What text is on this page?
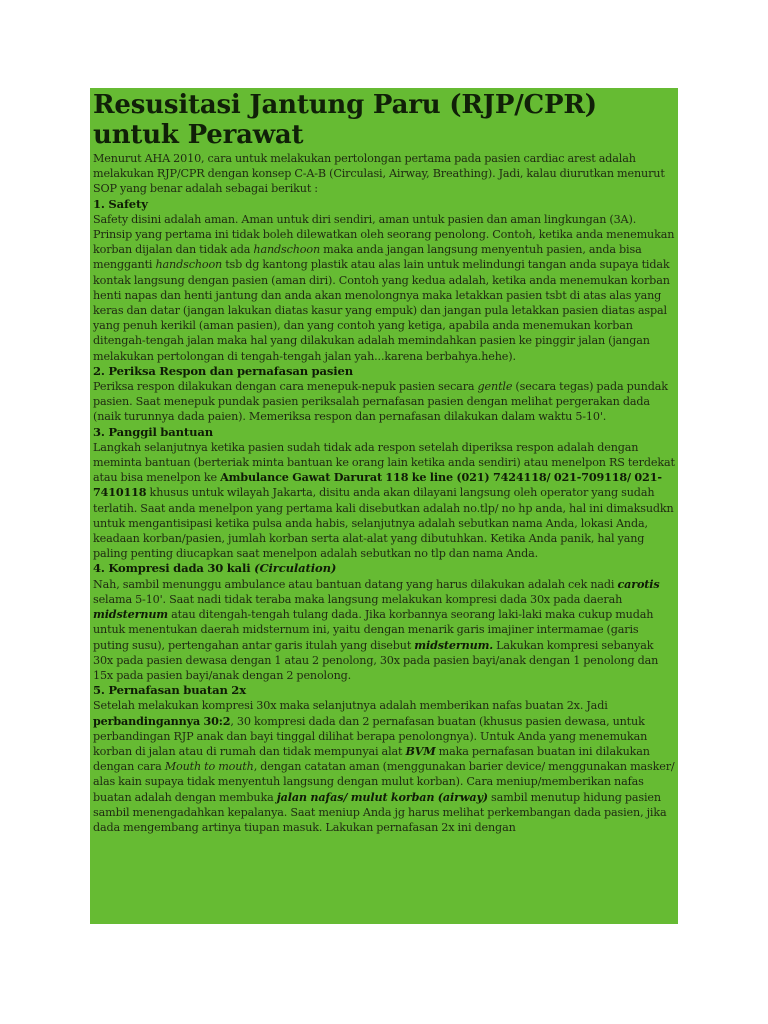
Resusitasi Jantung Paru (RJP/CPR) untuk Perawat

Menurut AHA 2010, cara untuk melakukan pertolongan pertama pada pasien cardiac arest adalah melakukan RJP/CPR dengan konsep C-A-B (Circulasi, Airway, Breathing). Jadi, kalau diurutkan menurut SOP yang benar adalah sebagai berikut :

1. Safety

Safety disini adalah aman. Aman untuk diri sendiri, aman untuk pasien dan aman lingkungan (3A). Prinsip yang pertama ini tidak boleh dilewatkan oleh seorang penolong. Contoh, ketika anda menemukan korban dijalan dan tidak ada handschoon maka anda jangan langsung menyentuh pasien, anda bisa mengganti handschoon tsb dg kantong plastik atau alas lain untuk melindungi tangan anda supaya tidak kontak langsung dengan pasien (aman diri). Contoh yang kedua adalah, ketika anda menemukan korban henti napas dan henti jantung dan anda akan menolongnya maka letakkan pasien tsbt di atas alas yang keras dan datar (jangan lakukan diatas kasur yang empuk) dan jangan pula letakkan pasien diatas aspal yang penuh kerikil (aman pasien), dan yang contoh yang ketiga, apabila anda menemukan korban ditengah-tengah jalan maka hal yang dilakukan adalah memindahkan pasien ke pinggir jalan (jangan melakukan pertolongan di tengah-tengah jalan yah...karena berbahya.hehe).

2. Periksa Respon dan pernafasan pasien

Periksa respon dilakukan dengan cara menepuk-nepuk pasien secara gentle (secara tegas) pada pundak pasien. Saat menepuk pundak pasien periksalah pernafasan pasien dengan melihat pergerakan dada (naik turunnya dada paien). Memeriksa respon dan pernafasan dilakukan dalam waktu 5-10'.

3. Panggil bantuan

Langkah selanjutnya ketika pasien sudah tidak ada respon setelah diperiksa respon adalah dengan meminta bantuan (berteriak minta bantuan ke orang lain ketika anda sendiri) atau menelpon RS terdekat atau bisa menelpon ke Ambulance Gawat Darurat 118 ke line (021) 7424118/ 021-709118/ 021-7410118 khusus untuk wilayah Jakarta, disitu anda akan dilayani langsung oleh operator yang sudah terlatih. Saat anda menelpon yang pertama kali disebutkan adalah no.tlp/ no hp anda, hal ini dimaksudkn untuk mengantisipasi ketika pulsa anda habis, selanjutnya adalah sebutkan nama Anda, lokasi Anda, keadaan korban/pasien, jumlah korban serta alat-alat yang dibutuhkan. Ketika Anda panik, hal yang paling penting diucapkan saat menelpon adalah sebutkan no tlp dan nama Anda.

4. Kompresi dada 30 kali (Circulation)

Nah, sambil menunggu ambulance atau bantuan datang yang harus dilakukan adalah cek nadi carotis selama 5-10'. Saat nadi tidak teraba maka langsung melakukan kompresi dada 30x pada daerah midsternum atau ditengah-tengah tulang dada. Jika korbannya seorang laki-laki maka cukup mudah untuk menentukan daerah midsternum ini, yaitu dengan menarik garis imajiner intermamae (garis puting susu), pertengahan antar garis itulah yang disebut midsternum. Lakukan kompresi sebanyak 30x pada pasien dewasa dengan 1 atau 2 penolong, 30x pada pasien bayi/anak dengan 1 penolong dan 15x pada pasien bayi/anak dengan 2 penolong.

5. Pernafasan buatan 2x

Setelah melakukan kompresi 30x maka selanjutnya adalah memberikan nafas buatan 2x. Jadi perbandingannya 30:2, 30 kompresi dada dan 2 pernafasan buatan (khusus pasien dewasa, untuk perbandingan RJP anak dan bayi tinggal dilihat berapa penolongnya). Untuk Anda yang menemukan korban di jalan atau di rumah dan tidak mempunyai alat BVM maka pernafasan buatan ini dilakukan dengan cara Mouth to mouth, dengan catatan aman (menggunakan barier device/ menggunakan masker/ alas kain supaya tidak menyentuh langsung dengan mulut korban). Cara meniup/memberikan nafas buatan adalah dengan membuka jalan nafas/ mulut korban (airway) sambil menutup hidung pasien sambil menengadahkan kepalanya. Saat meniup Anda jg harus melihat perkembangan dada pasien, jika dada mengembang artinya tiupan masuk. Lakukan pernafasan 2x ini dengan
